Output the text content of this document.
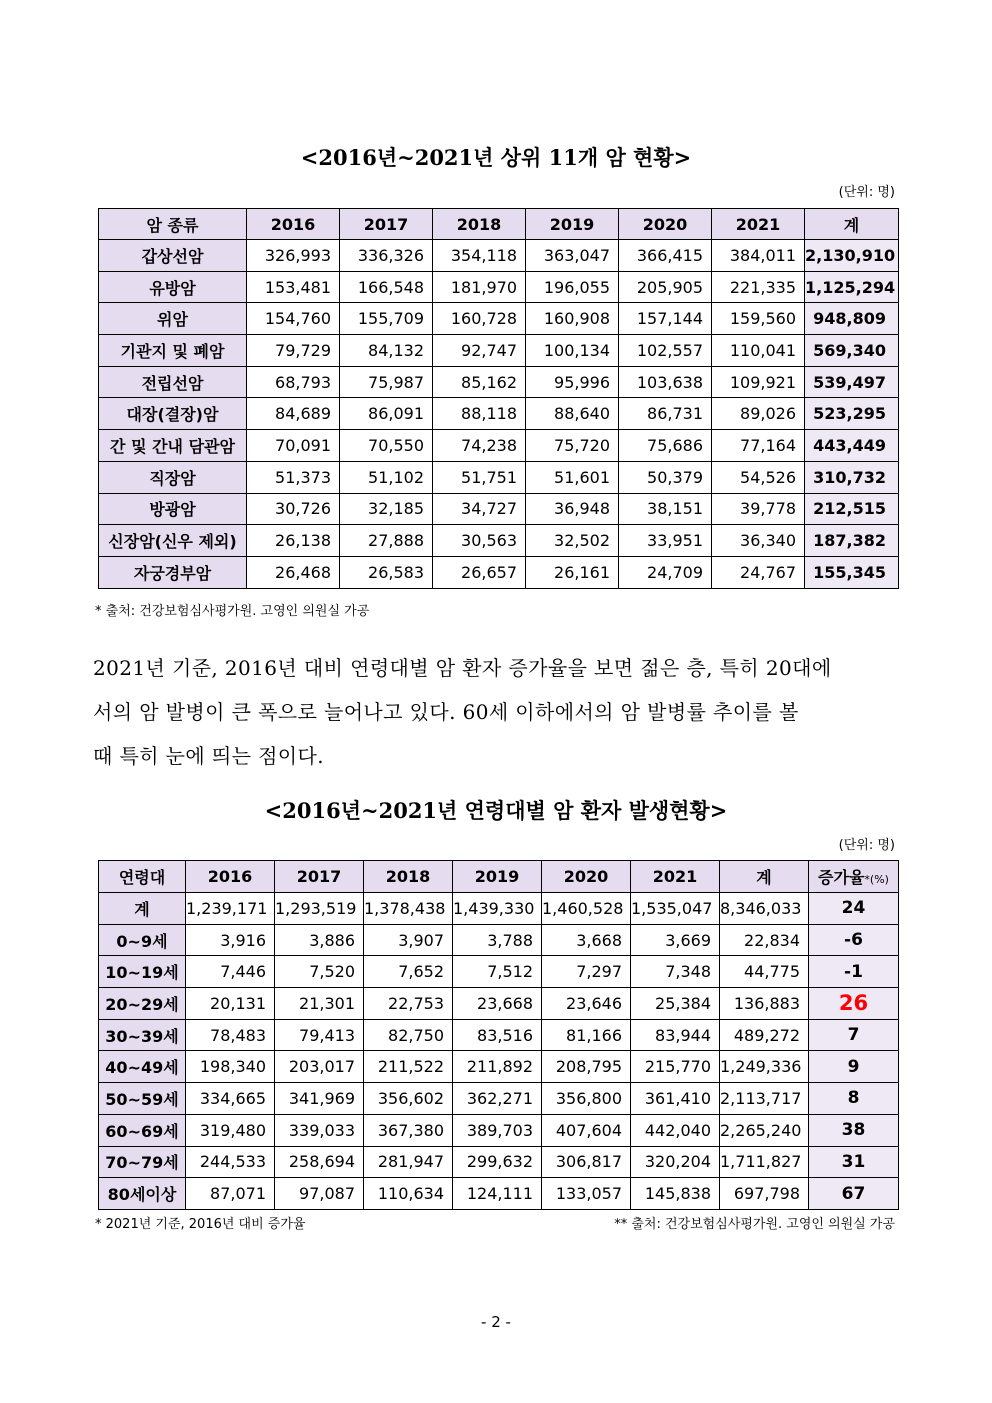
<2016년~2021년 상위 11개 암 현황>
(단위: 명)
암 종류	2016	2017	2018	2019	2020	2021	계
갑상선암	326,993	336,326	354,118	363,047	366,415	384,011	2,130,910
유방암	153,481	166,548	181,970	196,055	205,905	221,335	1,125,294
위암	154,760	155,709	160,728	160,908	157,144	159,560	948,809
기관지 및 폐암	79,729	84,132	92,747	100,134	102,557	110,041	569,340
전립선암	68,793	75,987	85,162	95,996	103,638	109,921	539,497
대장(결장)암	84,689	86,091	88,118	88,640	86,731	89,026	523,295
간 및 간내 담관암	70,091	70,550	74,238	75,720	75,686	77,164	443,449
직장암	51,373	51,102	51,751	51,601	50,379	54,526	310,732
방광암	30,726	32,185	34,727	36,948	38,151	39,778	212,515
신장암(신우 제외)	26,138	27,888	30,563	32,502	33,951	36,340	187,382
자궁경부암	26,468	26,583	26,657	26,161	24,709	24,767	155,345
* 출처: 건강보험심사평가원. 고영인 의원실 가공
2021년 기준, 2016년 대비 연령대별 암 환자 증가율을 보면 젊은 층, 특히 20대에
서의 암 발병이 큰 폭으로 늘어나고 있다. 60세 이하에서의 암 발병률 추이를 볼
때 특히 눈에 띄는 점이다.
<2016년~2021년 연령대별 암 환자 발생현황>
(단위: 명)
연령대	2016	2017	2018	2019	2020	2021	계	증가율*(%)
계	1,239,171	1,293,519	1,378,438	1,439,330	1,460,528	1,535,047	8,346,033	24
0~9세	3,916	3,886	3,907	3,788	3,668	3,669	22,834	-6
10~19세	7,446	7,520	7,652	7,512	7,297	7,348	44,775	-1
20~29세	20,131	21,301	22,753	23,668	23,646	25,384	136,883	26
30~39세	78,483	79,413	82,750	83,516	81,166	83,944	489,272	7
40~49세	198,340	203,017	211,522	211,892	208,795	215,770	1,249,336	9
50~59세	334,665	341,969	356,602	362,271	356,800	361,410	2,113,717	8
60~69세	319,480	339,033	367,380	389,703	407,604	442,040	2,265,240	38
70~79세	244,533	258,694	281,947	299,632	306,817	320,204	1,711,827	31
80세이상	87,071	97,087	110,634	124,111	133,057	145,838	697,798	67
* 2021년 기준, 2016년 대비 증가율	** 출처: 건강보험심사평가원. 고영인 의원실 가공
- 2 -
